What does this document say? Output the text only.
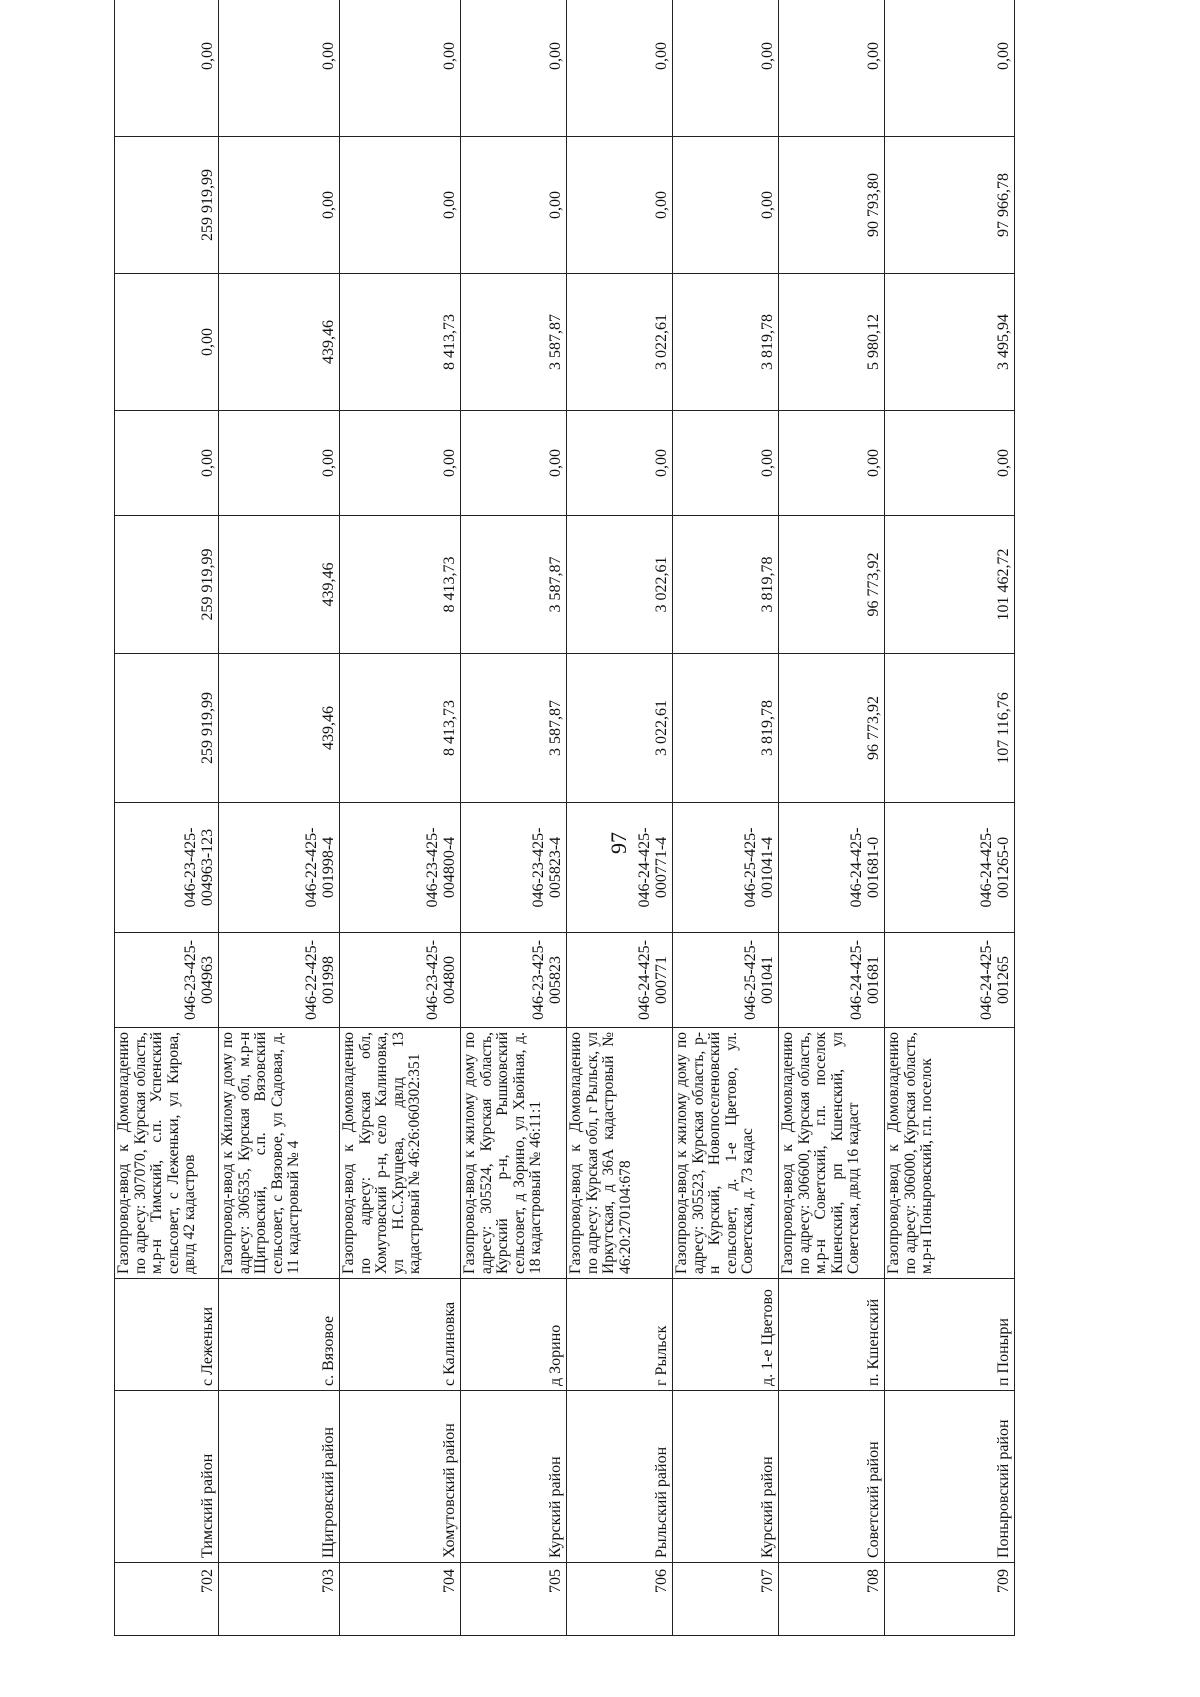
97
702	Тимский район	с Леженьки	Газопровод-ввод к Домовладению по адресу: 307070, Курская область, м.р-н Тимский, с.п. Успенский сельсовет, с Леженьки, ул Кирова, двлд 42 кадастров	046-23-425-004963	046-23-425-004963-123	259 919,99	259 919,99	0,00	0,00	259 919,99	0,00
703	Щигровский район	с. Вязовое	Газопровод-ввод к Жилому дому по адресу: 306535, Курская обл, м.р-н Щигровский, с.п. Вязовский сельсовет, с Вязовое, ул Садовая, д. 11 кадастровый № 4	046-22-425-001998	046-22-425-001998-4	439,46	439,46	0,00	439,46	0,00	0,00
704	Хомутовский район	с Калиновка	Газопровод-ввод к Домовладению по адресу: Курская обл, Хомутовский р-н, село Калиновка, ул Н.С.Хрущева, двлд 13 кадастровый № 46:26:060302:351	046-23-425-004800	046-23-425-004800-4	8 413,73	8 413,73	0,00	8 413,73	0,00	0,00
705	Курский район	д Зорино	Газопровод-ввод к жилому дому по адресу: 305524, Курская область, Курский р-н, Рышковский сельсовет, д Зорино, ул Хвойная, д. 18 кадастровый № 46:11:1	046-23-425-005823	046-23-425-005823-4	3 587,87	3 587,87	0,00	3 587,87	0,00	0,00
706	Рыльский район	г Рыльск	Газопровод-ввод к Домовладению по адресу: Курская обл, г Рыльск, ул Иркутская, д 36А кадастровый № 46:20:270104:678	046-24-425-000771	046-24-425-000771-4	3 022,61	3 022,61	0,00	3 022,61	0,00	0,00
707	Курский район	д. 1-е Цветово	Газопровод-ввод к жилому дому по адресу: 305523, Курская область, р-н Курский, Новопоселеновский сельсовет, д. 1-е Цветово, ул. Советская, д. 73 кадас	046-25-425-001041	046-25-425-001041-4	3 819,78	3 819,78	0,00	3 819,78	0,00	0,00
708	Советский район	п. Кшенский	Газопровод-ввод к Домовладению по адресу: 306600, Курская область, м.р-н Советский, г.п. поселок Кшенский, рп Кшенский, ул Советская, двлд 16 кадаст	046-24-425-001681	046-24-425-001681-0	96 773,92	96 773,92	0,00	5 980,12	90 793,80	0,00
709	Поныровский район	п Поныри	Газопровод-ввод к Домовладению по адресу: 306000, Курская область, м.р-н Поныровский, г.п. поселок	046-24-425-001265	046-24-425-001265-0	107 116,76	101 462,72	0,00	3 495,94	97 966,78	0,00
